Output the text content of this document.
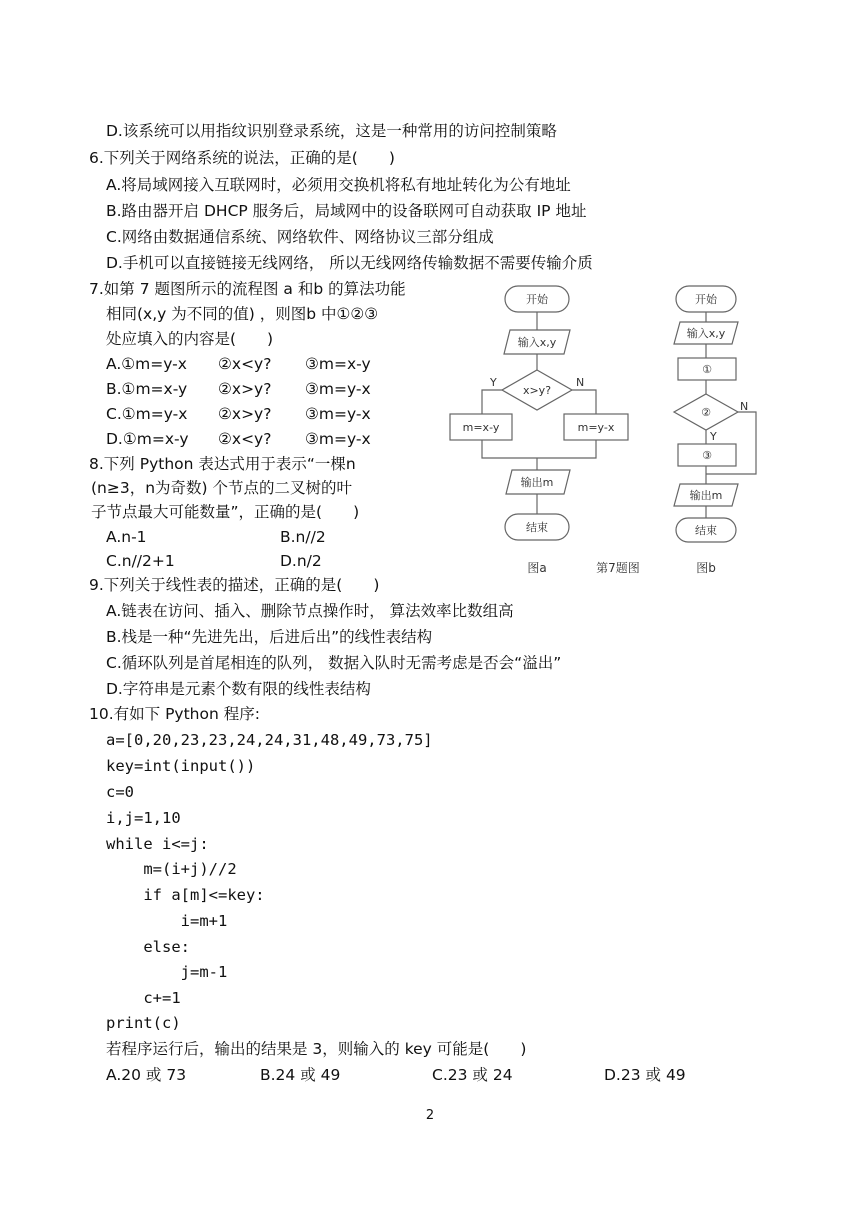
D.该系统可以用指纹识别登录系统，这是一种常用的访问控制策略
6.下列关于网络系统的说法，正确的是(　　)
A.将局域网接入互联网时，必须用交换机将私有地址转化为公有地址
B.路由器开启 DHCP 服务后，局域网中的设备联网可自动获取 IP 地址
C.网络由数据通信系统、网络软件、网络协议三部分组成
D.手机可以直接链接无线网络， 所以无线网络传输数据不需要传输介质
7.如第 7 题图所示的流程图 a 和b 的算法功能
相同(x,y 为不同的值) ，则图b 中①②③
处应填入的内容是(　　)
A.①m=y-x ②x<y? ③m=x-y
B.①m=x-y ②x>y? ③m=y-x
C.①m=y-x ②x>y? ③m=y-x
D.①m=x-y ②x<y? ③m=y-x
开始
输入x,y
x>y?
Y	N
m=x-y	m=y-x
输出m
结束
图a	第7题图
开始
输入x,y
①
②	N
Y
③
输出m
结束
图b
8.下列 Python 表达式用于表示“一棵n
(n≥3，n为奇数) 个节点的二叉树的叶
子节点最大可能数量”，正确的是(　　)
A.n-1	B.n//2
C.n//2+1	D.n/2
9.下列关于线性表的描述，正确的是(　　)
A.链表在访问、插入、删除节点操作时， 算法效率比数组高
B.栈是一种“先进先出，后进后出”的线性表结构
C.循环队列是首尾相连的队列， 数据入队时无需考虑是否会“溢出”
D.字符串是元素个数有限的线性表结构
10.有如下 Python 程序:
a=[0,20,23,23,24,24,31,48,49,73,75]
key=int(input())
c=0
i,j=1,10
while i<=j:
m=(i+j)//2
if a[m]<=key:
i=m+1
else:
j=m-1
c+=1
print(c)
若程序运行后，输出的结果是 3，则输入的 key 可能是(　　)
A.20 或 73	B.24 或 49	C.23 或 24	D.23 或 49
2
